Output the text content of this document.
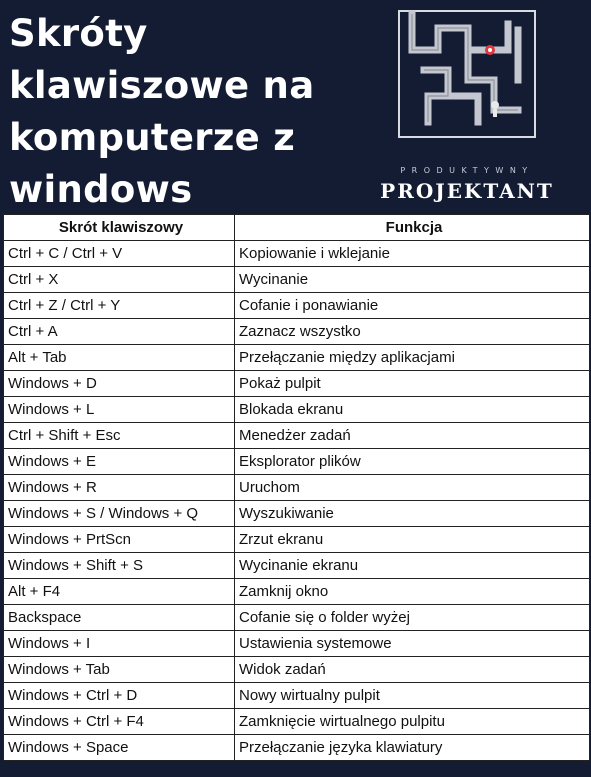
Skróty
klawiszowe na
komputerze z
windows	PRODUKTYWNY
PROJEKTANT
Skrót klawiszowy	Funkcja
Ctrl + C / Ctrl + V	Kopiowanie i wklejanie
Ctrl + X	Wycinanie
Ctrl + Z / Ctrl + Y	Cofanie i ponawianie
Ctrl + A	Zaznacz wszystko
Alt + Tab	Przełączanie między aplikacjami
Windows + D	Pokaż pulpit
Windows + L	Blokada ekranu
Ctrl + Shift + Esc	Menedżer zadań
Windows + E	Eksplorator plików
Windows + R	Uruchom
Windows + S / Windows + Q	Wyszukiwanie
Windows + PrtScn	Zrzut ekranu
Windows + Shift + S	Wycinanie ekranu
Alt + F4	Zamknij okno
Backspace	Cofanie się o folder wyżej
Windows + I	Ustawienia systemowe
Windows + Tab	Widok zadań
Windows + Ctrl + D	Nowy wirtualny pulpit
Windows + Ctrl + F4	Zamknięcie wirtualnego pulpitu
Windows + Space	Przełączanie języka klawiatury
